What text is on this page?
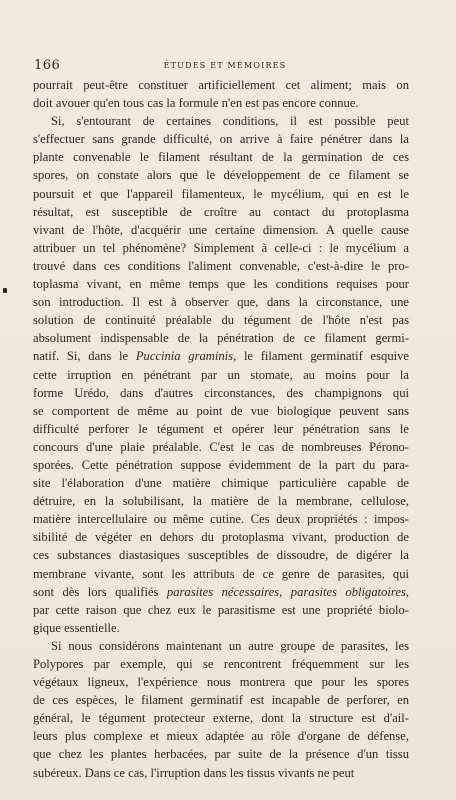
166	ÉTUDES ET MÉMOIRES
pourrait peut-être constituer artificiellement cet aliment; mais on
doit avouer qu'en tous cas la formule n'en est pas encore connue.
Si, s'entourant de certaines conditions, il est possible peut
s'effectuer sans grande difficulté, on arrive à faire pénétrer dans la
plante convenable le filament résultant de la germination de ces
spores, on constate alors que le développement de ce filament se
poursuit et que l'appareil filamenteux, le mycélium, qui en est le
résultat, est susceptible de croître au contact du protoplasma
vivant de l'hôte, d'acquérir une certaine dimension. A quelle cause
attribuer un tel phénomène? Simplement à celle-ci : le mycélium a
trouvé dans ces conditions l'aliment convenable, c'est-à-dire le pro-
toplasma vivant, en même temps que les conditions requises pour
son introduction. Il est à observer que, dans la circonstance, une
solution de continuité préalable du tégument de l'hôte n'est pas
absolument indispensable de la pénétration de ce filament germi-
natif. Si, dans le Puccinia graminis, le filament germinatif esquive
cette irruption en pénétrant par un stomate, au moins pour la
forme Urédo, dans d'autres circonstances, des champignons qui
se comportent de même au point de vue biologique peuvent sans
difficulté perforer le tégument et opérer leur pénétration sans le
concours d'une plaie préalable. C'est le cas de nombreuses Pérono-
sporées. Cette pénétration suppose évidemment de la part du para-
site l'élaboration d'une matière chimique particulière capable de
détruire, en la solubilisant, la matière de la membrane, cellulose,
matière intercellulaire ou même cutine. Ces deux propriétés : impos-
sibilité de végéter en dehors du protoplasma vivant, production de
ces substances diastasiques susceptibles de dissoudre, de digérer la
membrane vivante, sont les attributs de ce genre de parasites, qui
sont dès lors qualifiés parasites nécessaires, parasites obligatoires,
par cette raison que chez eux le parasitisme est une propriété biolo-
gique essentielle.
Si nous considérons maintenant un autre groupe de parasites, les
Polypores par exemple, qui se rencontrent fréquemment sur les
végétaux ligneux, l'expérience nous montrera que pour les spores
de ces espèces, le filament germinatif est incapable de perforer, en
général, le tégument protecteur externe, dont la structure est d'ail-
leurs plus complexe et mieux adaptée au rôle d'organe de défense,
que chez les plantes herbacées, par suite de la présence d'un tissu
subéreux. Dans ce cas, l'irruption dans les tissus vivants ne peut
